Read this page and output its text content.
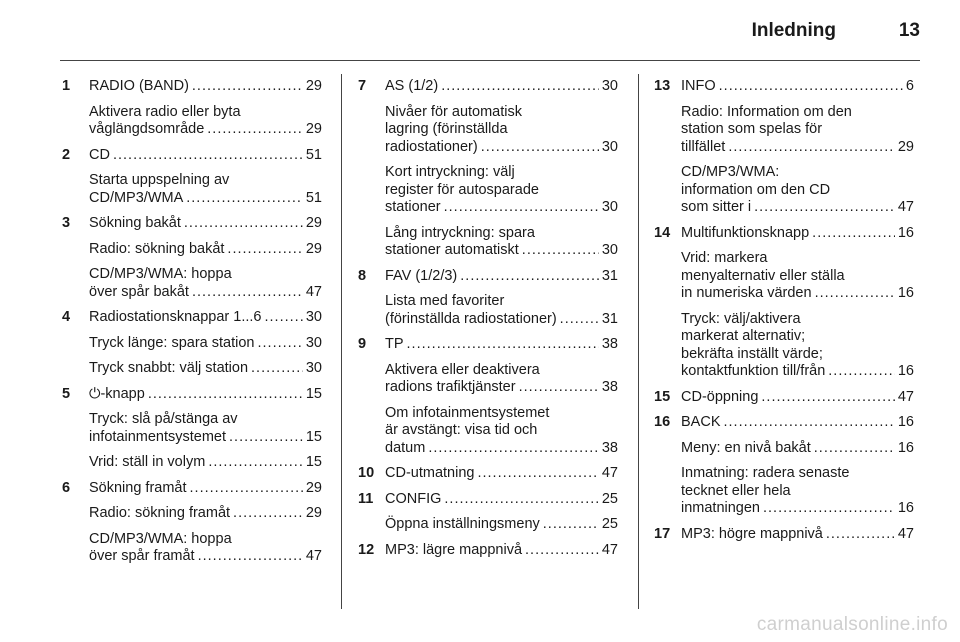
Inledning	13
1	RADIO (BAND) .....	29
Aktivera radio eller byta
våglängdsområde .....	29
2	CD .....	51
Starta uppspelning av
CD/MP3/WMA .....	51
3	Sökning bakåt .....	29
Radio: sökning bakåt .....	29
CD/MP3/WMA: hoppa
över spår bakåt .....	47
4	Radiostationsknappar 1...6 .....	30
Tryck länge: spara station .....	30
Tryck snabbt: välj station .....	30
5	⏻-knapp .....	15
Tryck: slå på/stänga av
infotainmentsystemet .....	15
Vrid: ställ in volym .....	15
6	Sökning framåt .....	29
Radio: sökning framåt .....	29
CD/MP3/WMA: hoppa
över spår framåt .....	47
7	AS (1/2) .....	30
Nivåer för automatisk
lagring (förinställda
radiostationer) .....	30
Kort intryckning: välj
register för autosparade
stationer .....	30
Lång intryckning: spara
stationer automatiskt .....	30
8	FAV (1/2/3) .....	31
Lista med favoriter
(förinställda radiostationer) .....	31
9	TP .....	38
Aktivera eller deaktivera
radions trafiktjänster .....	38
Om infotainmentsystemet
är avstängt: visa tid och
datum .....	38
10 CD-utmatning .....	47
11 CONFIG .....	25
Öppna inställningsmeny .....	25
12 MP3: lägre mappnivå .....	47
13 INFO .....	6
Radio: Information om den
station som spelas för
tillfället .....	29
CD/MP3/WMA:
information om den CD
som sitter i .....	47
14 Multifunktionsknapp .....	16
Vrid: markera
menyalternativ eller ställa
in numeriska värden .....	16
Tryck: välj/aktivera
markerat alternativ;
bekräfta inställt värde;
kontaktfunktion till/från .....	16
15 CD-öppning .....	47
16 BACK .....	16
Meny: en nivå bakåt .....	16
Inmatning: radera senaste
tecknet eller hela
inmatningen .....	16
17 MP3: högre mappnivå .....	47
carmanualsonline.info
